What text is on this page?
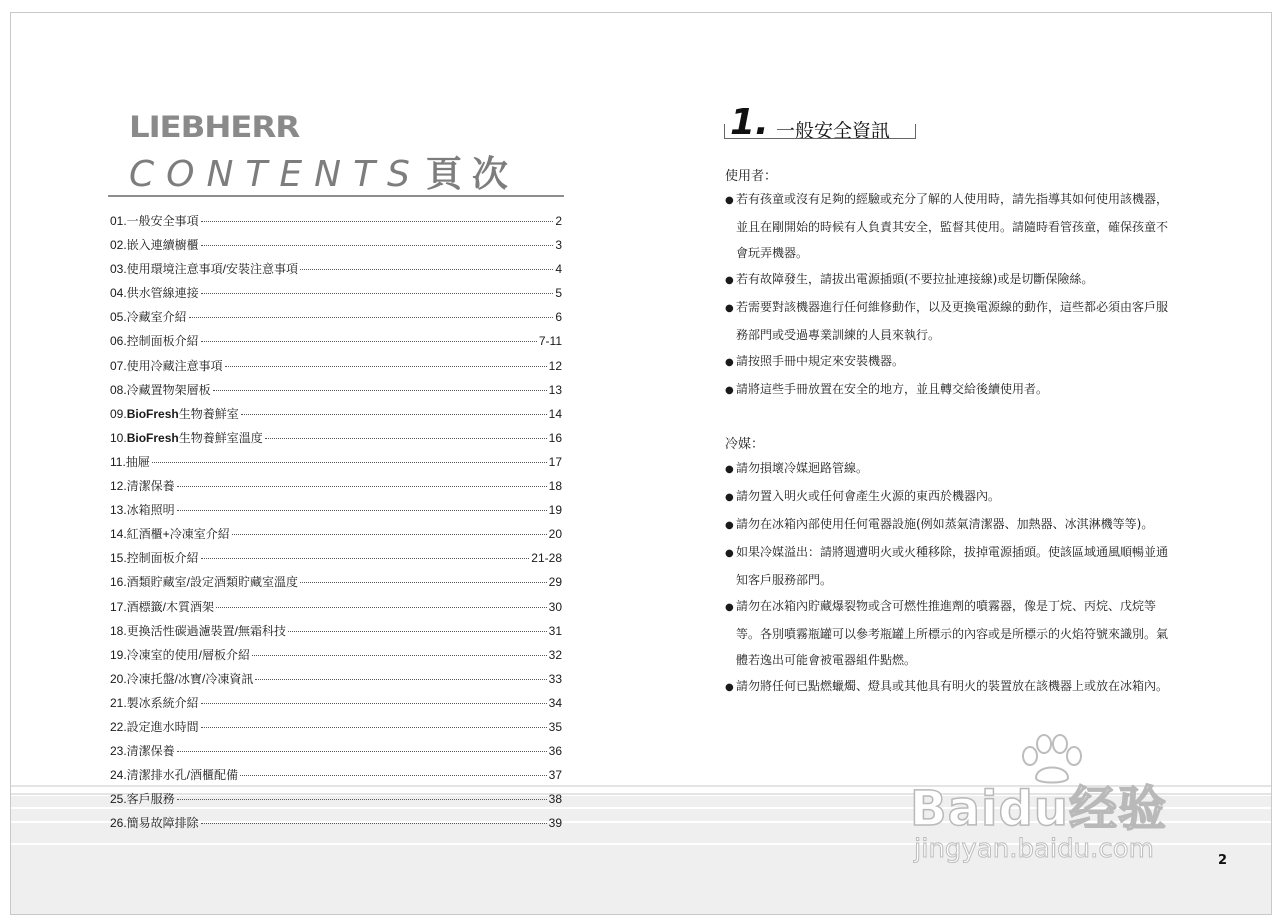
LIEBHERR
CONTENTS 頁次
01.一般安全事項	2
02.嵌入連續櫥櫃	3
03.使用環境注意事項/安裝注意事項	4
04.供水管線連接	5
05.冷藏室介紹	6
06.控制面板介紹	7-11
07.使用冷藏注意事項	12
08.冷藏置物架層板	13
09.BioFresh生物養鮮室	14
10.BioFresh生物養鮮室溫度	16
11.抽屜	17
12.清潔保養	18
13.冰箱照明	19
14.紅酒櫃+冷凍室介紹	20
15.控制面板介紹	21-28
16.酒類貯藏室/設定酒類貯藏室溫度	29
17.酒標籤/木質酒架	30
18.更換活性碳過濾裝置/無霜科技	31
19.冷凍室的使用/層板介紹	32
20.冷凍托盤/冰寶/冷凍資訊	33
21.製冰系統介紹	34
22.設定進水時間	35
23.清潔保養	36
24.清潔排水孔/酒櫃配備	37
25.客戶服務	38
26.簡易故障排除	39
1. 一般安全資訊
使用者：
● 若有孩童或沒有足夠的經驗或充分了解的人使用時，請先指導其如何使用該機器，並且在剛開始的時候有人負責其安全，監督其使用。請隨時看管孩童，確保孩童不會玩弄機器。
● 若有故障發生，請拔出電源插頭(不要拉扯連接線)或是切斷保險絲。
● 若需要對該機器進行任何維修動作，以及更換電源線的動作，這些都必須由客戶服務部門或受過專業訓練的人員來執行。
● 請按照手冊中規定來安裝機器。
● 請將這些手冊放置在安全的地方，並且轉交給後續使用者。
冷媒：
● 請勿損壞冷媒迴路管線。
● 請勿置入明火或任何會產生火源的東西於機器內。
● 請勿在冰箱內部使用任何電器設施(例如蒸氣清潔器、加熱器、冰淇淋機等等)。
● 如果冷媒溢出：請將週遭明火或火種移除，拔掉電源插頭。使該區域通風順暢並通知客戶服務部門。
● 請勿在冰箱內貯藏爆裂物或含可燃性推進劑的噴霧器，像是丁烷、丙烷、戊烷等等。各別噴霧瓶罐可以參考瓶罐上所標示的內容或是所標示的火焰符號來識別。氣體若逸出可能會被電器組件點燃。
● 請勿將任何已點燃蠟燭、燈具或其他具有明火的裝置放在該機器上或放在冰箱內。
2
Baidu经验
jingyan.baidu.com
